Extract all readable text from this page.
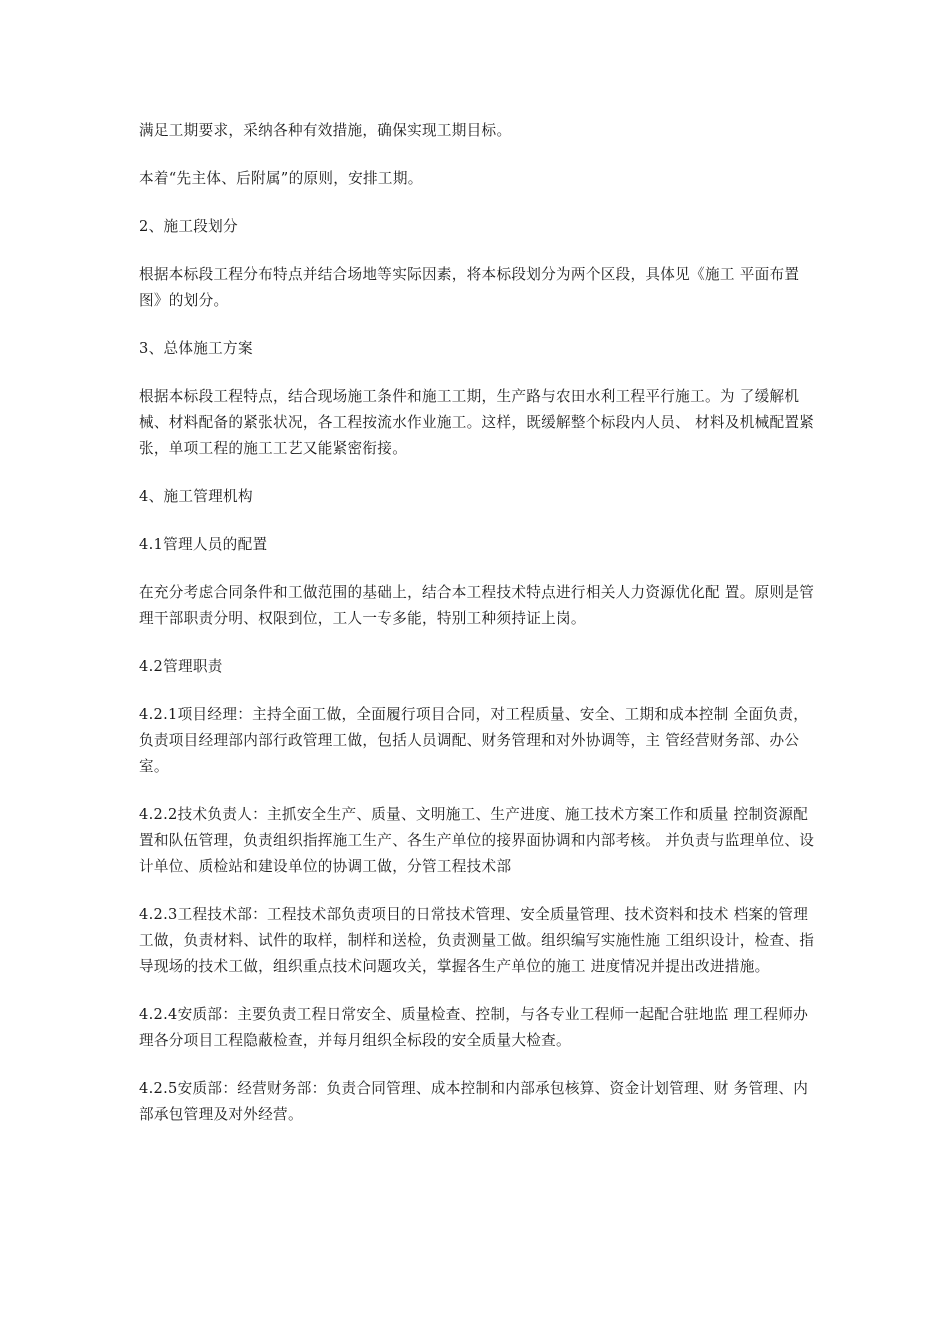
满足工期要求，采纳各种有效措施，确保实现工期目标。

本着“先主体、后附属”的原则，安排工期。

2、施工段划分

根据本标段工程分布特点并结合场地等实际因素，将本标段划分为两个区段，具体见《施工 平面布置图》的划分。

3、总体施工方案

根据本标段工程特点，结合现场施工条件和施工工期，生产路与农田水利工程平行施工。为 了缓解机械、材料配备的紧张状况，各工程按流水作业施工。这样，既缓解整个标段内人员、 材料及机械配置紧张，单项工程的施工工艺又能紧密衔接。

4、施工管理机构

4.1管理人员的配置

在充分考虑合同条件和工做范围的基础上，结合本工程技术特点进行相关人力资源优化配 置。原则是管理干部职责分明、权限到位，工人一专多能，特别工种须持证上岗。

4.2管理职责

4.2.1项目经理：主持全面工做，全面履行项目合同，对工程质量、安全、工期和成本控制 全面负责，负责项目经理部内部行政管理工做，包括人员调配、财务管理和对外协调等，主 管经营财务部、办公室。

4.2.2技术负责人：主抓安全生产、质量、文明施工、生产进度、施工技术方案工作和质量 控制资源配置和队伍管理，负责组织指挥施工生产、各生产单位的接界面协调和内部考核。 并负责与监理单位、设计单位、质检站和建设单位的协调工做，分管工程技术部

4.2.3工程技术部：工程技术部负责项目的日常技术管理、安全质量管理、技术资料和技术 档案的管理工做，负责材料、试件的取样，制样和送检，负责测量工做。组织编写实施性施 工组织设计，检查、指导现场的技术工做，组织重点技术问题攻关，掌握各生产单位的施工 进度情况并提出改进措施。

4.2.4安质部：主要负责工程日常安全、质量检查、控制，与各专业工程师一起配合驻地监 理工程师办理各分项目工程隐蔽检查，并每月组织全标段的安全质量大检查。

4.2.5安质部：经营财务部：负责合同管理、成本控制和内部承包核算、资金计划管理、财 务管理、内部承包管理及对外经营。
